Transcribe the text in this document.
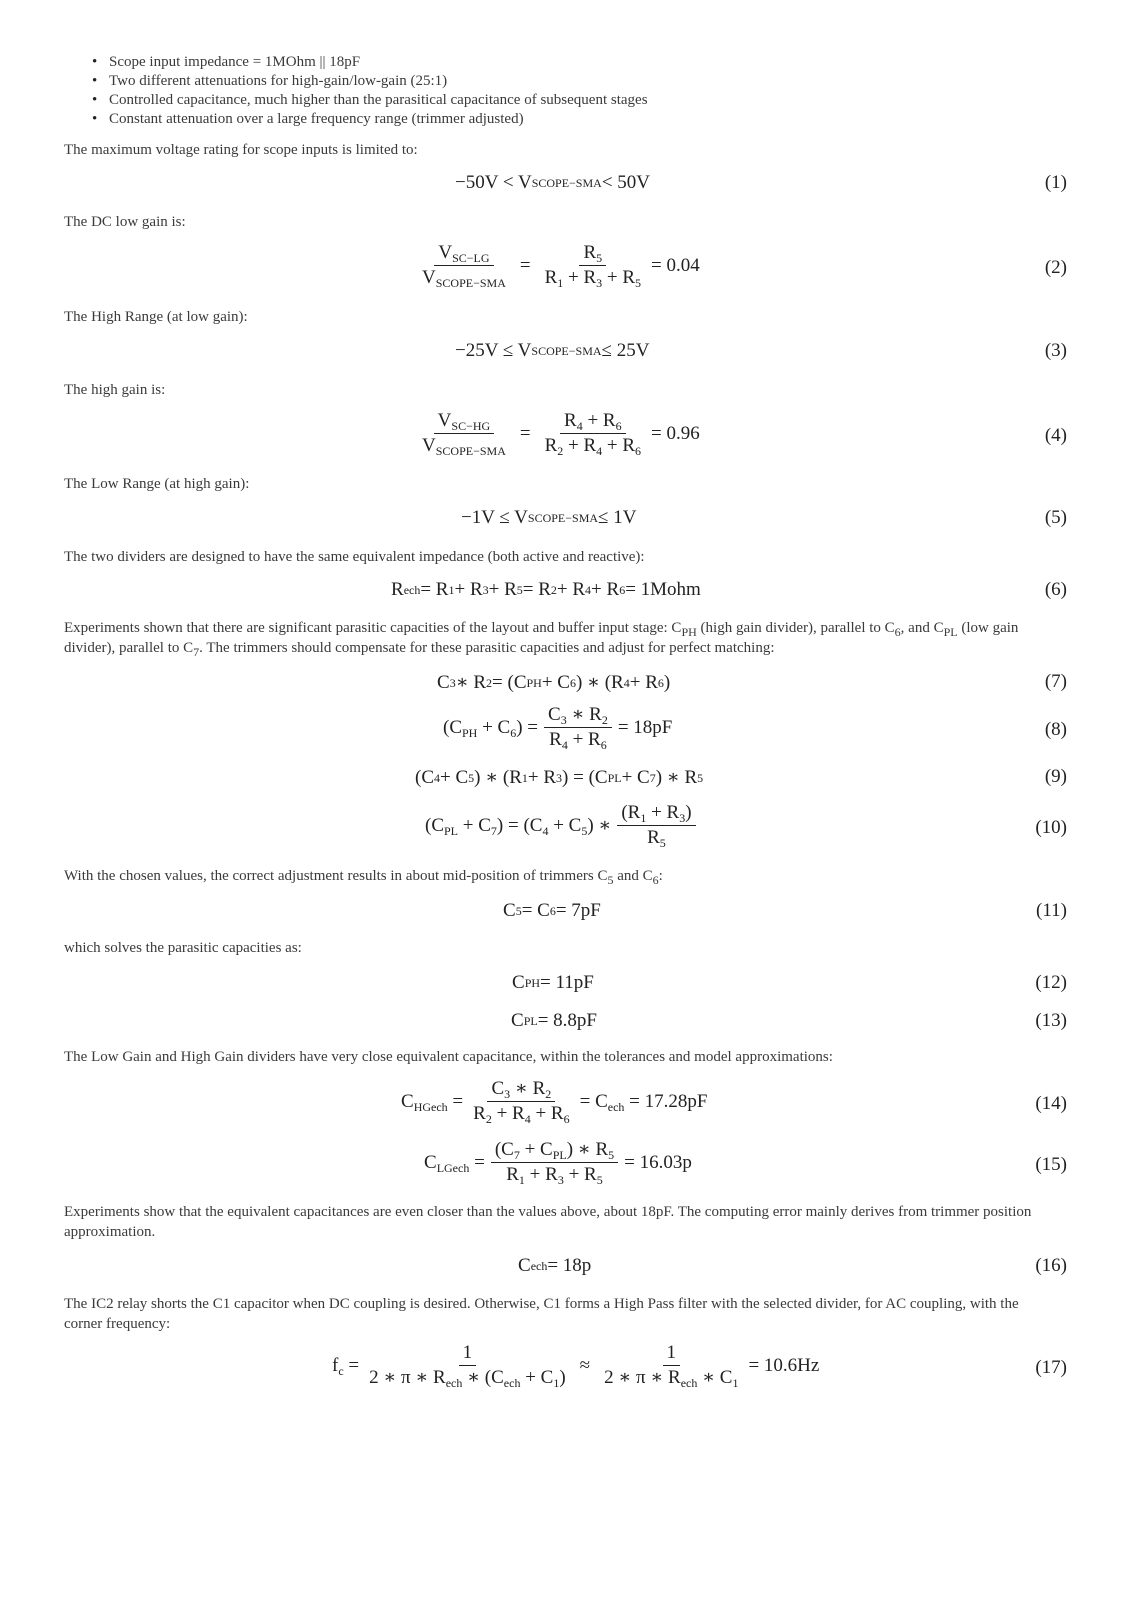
• Scope input impedance = 1MOhm || 18pF
• Two different attenuations for high-gain/low-gain (25:1)
• Controlled capacitance, much higher than the parasitical capacitance of subsequent stages
• Constant attenuation over a large frequency range (trimmer adjusted)
The maximum voltage rating for scope inputs is limited to:
−50V < V SCOPE−SMA < 50V	(1)
The DC low gain is:
$\frac{V_{SC-LG}}{V_{SCOPE-SMA}} = \frac{R_5}{R_1 + R_3 + R_5} = 0.04$	(2)
The High Range (at low gain):
−25V ≤ V SCOPE−SMA ≤ 25V	(3)
The high gain is:
$\frac{V_{SC-HG}}{V_{SCOPE-SMA}} = \frac{R_4 + R_6}{R_2 + R_4 + R_6} = 0.96$	(4)
The Low Range (at high gain):
−1V ≤ V SCOPE−SMA ≤ 1V	(5)
The two dividers are designed to have the same equivalent impedance (both active and reactive):
R ech = R 1 + R 3 + R 5 = R 2 + R 4 + R 6 = 1Mohm	(6)
Experiments shown that there are significant parasitic capacities of the layout and buffer input stage: $C_{PH}$ (high gain divider), parallel to $C_6$, and $C_{PL}$ (low gain divider), parallel to $C_7$. The trimmers should compensate for these parasitic capacities and adjust for perfect matching:
C 3 ∗ R 2 = (C PH + C 6 ) ∗ (R 4 + R 6 )	(7)
$(C_{PH} + C_6) = \frac{C_3 ∗ R_2}{R_4 + R_6} = 18pF$	(8)
(C 4 + C 5 ) ∗ (R 1 + R 3 ) = (C PL + C 7 ) ∗ R 5	(9)
$(C_{PL} + C_7) = (C_4 + C_5)$ ∗ $\frac{(R_1 + R_3)}{R_5}$	(10)
With the chosen values, the correct adjustment results in about mid-position of trimmers $C_5$ and $C_6$:
C 5 = C 6 = 7pF	(11)
which solves the parasitic capacities as:
C PH = 11pF	(12)
C PL = 8.8pF	(13)
The Low Gain and High Gain dividers have very close equivalent capacitance, within the tolerances and model approximations:
$C_{HGech} = \frac{C_3 ∗ R_2}{R_2 + R_4 + R_6} = C_{ech} = 17.28pF$	(14)
$C_{LGech} = \frac{(C_7 + C_{PL}) ∗ R_5}{R_1 + R_3 + R_5} = 16.03p$	(15)
Experiments show that the equivalent capacitances are even closer than the values above, about 18pF. The computing error mainly derives from trimmer position approximation.
C ech = 18p	(16)
The IC2 relay shorts the C1 capacitor when DC coupling is desired. Otherwise, C1 forms a High Pass filter with the selected divider, for AC coupling, with the corner frequency:
$f_c = \frac{1}{2 ∗ \pi ∗ R_{ech} ∗ (C_{ech} + C_1)} \approx \frac{1}{2 ∗ \pi ∗ R_{ech} ∗ C_1} = 10.6Hz$	(17)
